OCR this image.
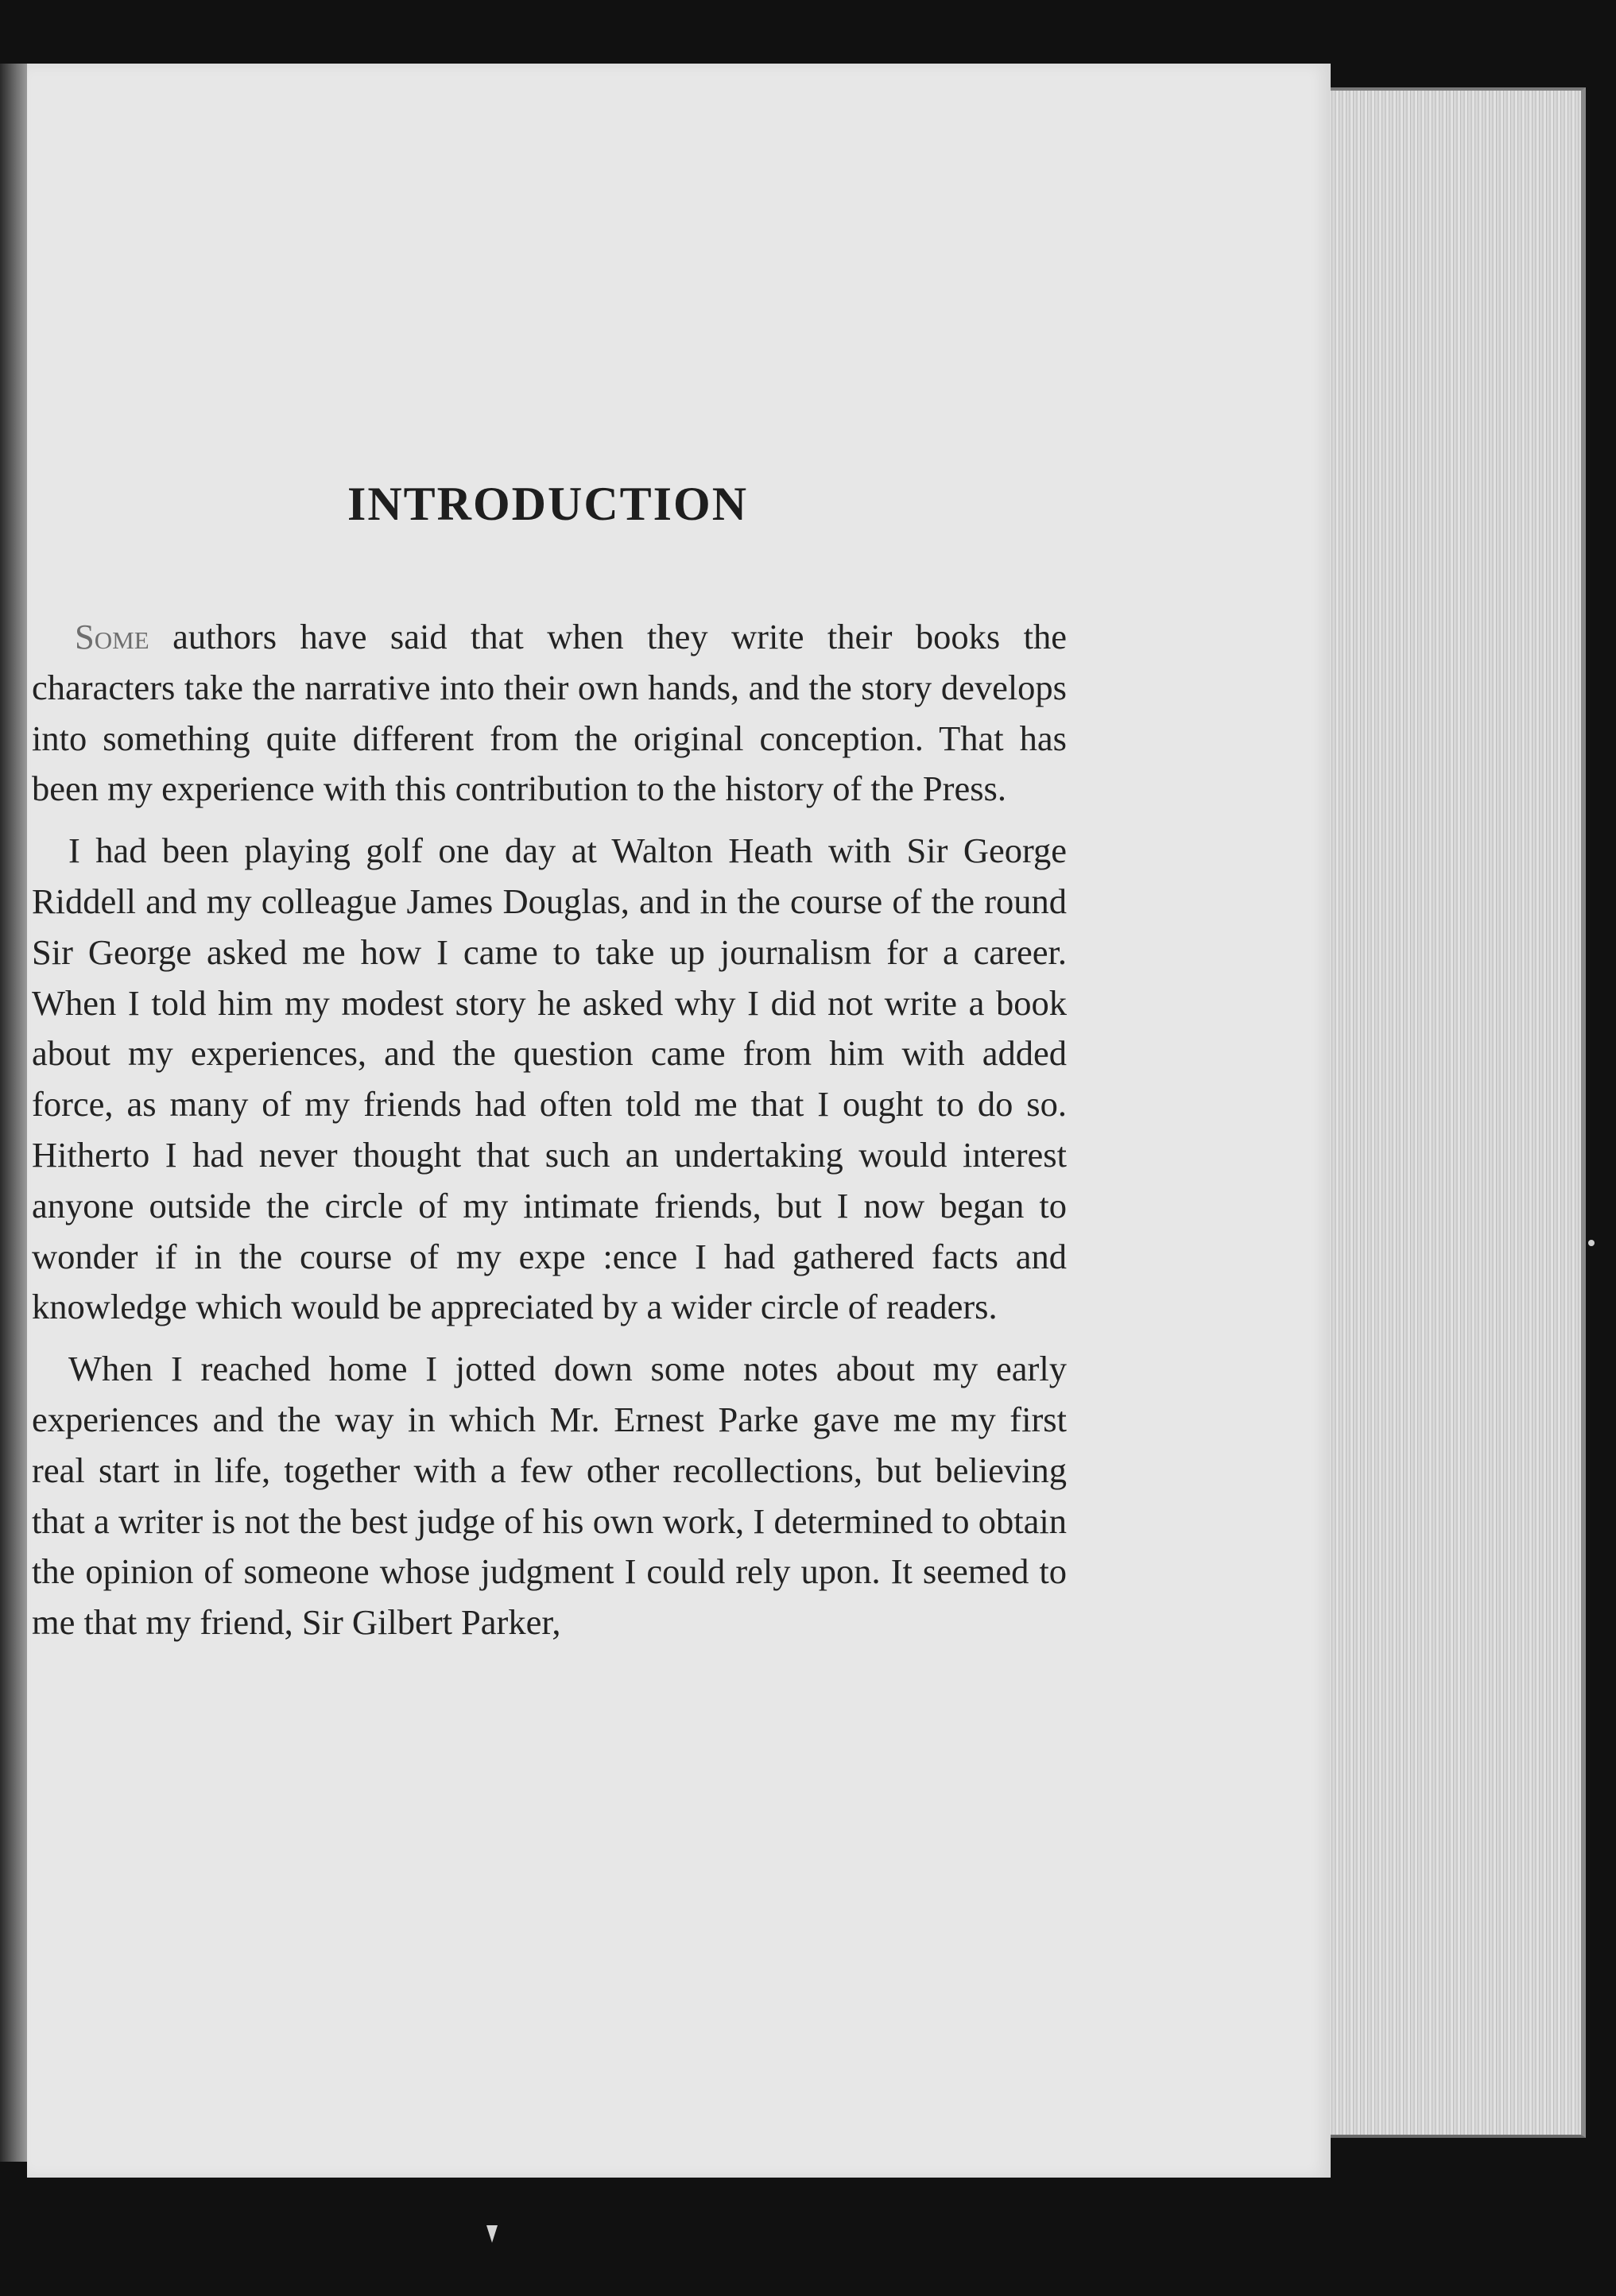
INTRODUCTION

Some authors have said that when they write their books the characters take the narrative into their own hands, and the story develops into something quite different from the original conception. That has been my experience with this contribution to the history of the Press.

I had been playing golf one day at Walton Heath with Sir George Riddell and my colleague James Douglas, and in the course of the round Sir George asked me how I came to take up journalism for a career. When I told him my modest story he asked why I did not write a book about my experiences, and the question came from him with added force, as many of my friends had often told me that I ought to do so. Hitherto I had never thought that such an undertaking would interest anyone outside the circle of my intimate friends, but I now began to wonder if in the course of my expe :ence I had gathered facts and knowledge which would be appreciated by a wider circle of readers.

When I reached home I jotted down some notes about my early experiences and the way in which Mr. Ernest Parke gave me my first real start in life, together with a few other recollections, but believing that a writer is not the best judge of his own work, I determined to obtain the opinion of someone whose judgment I could rely upon. It seemed to me that my friend, Sir Gilbert Parker,
